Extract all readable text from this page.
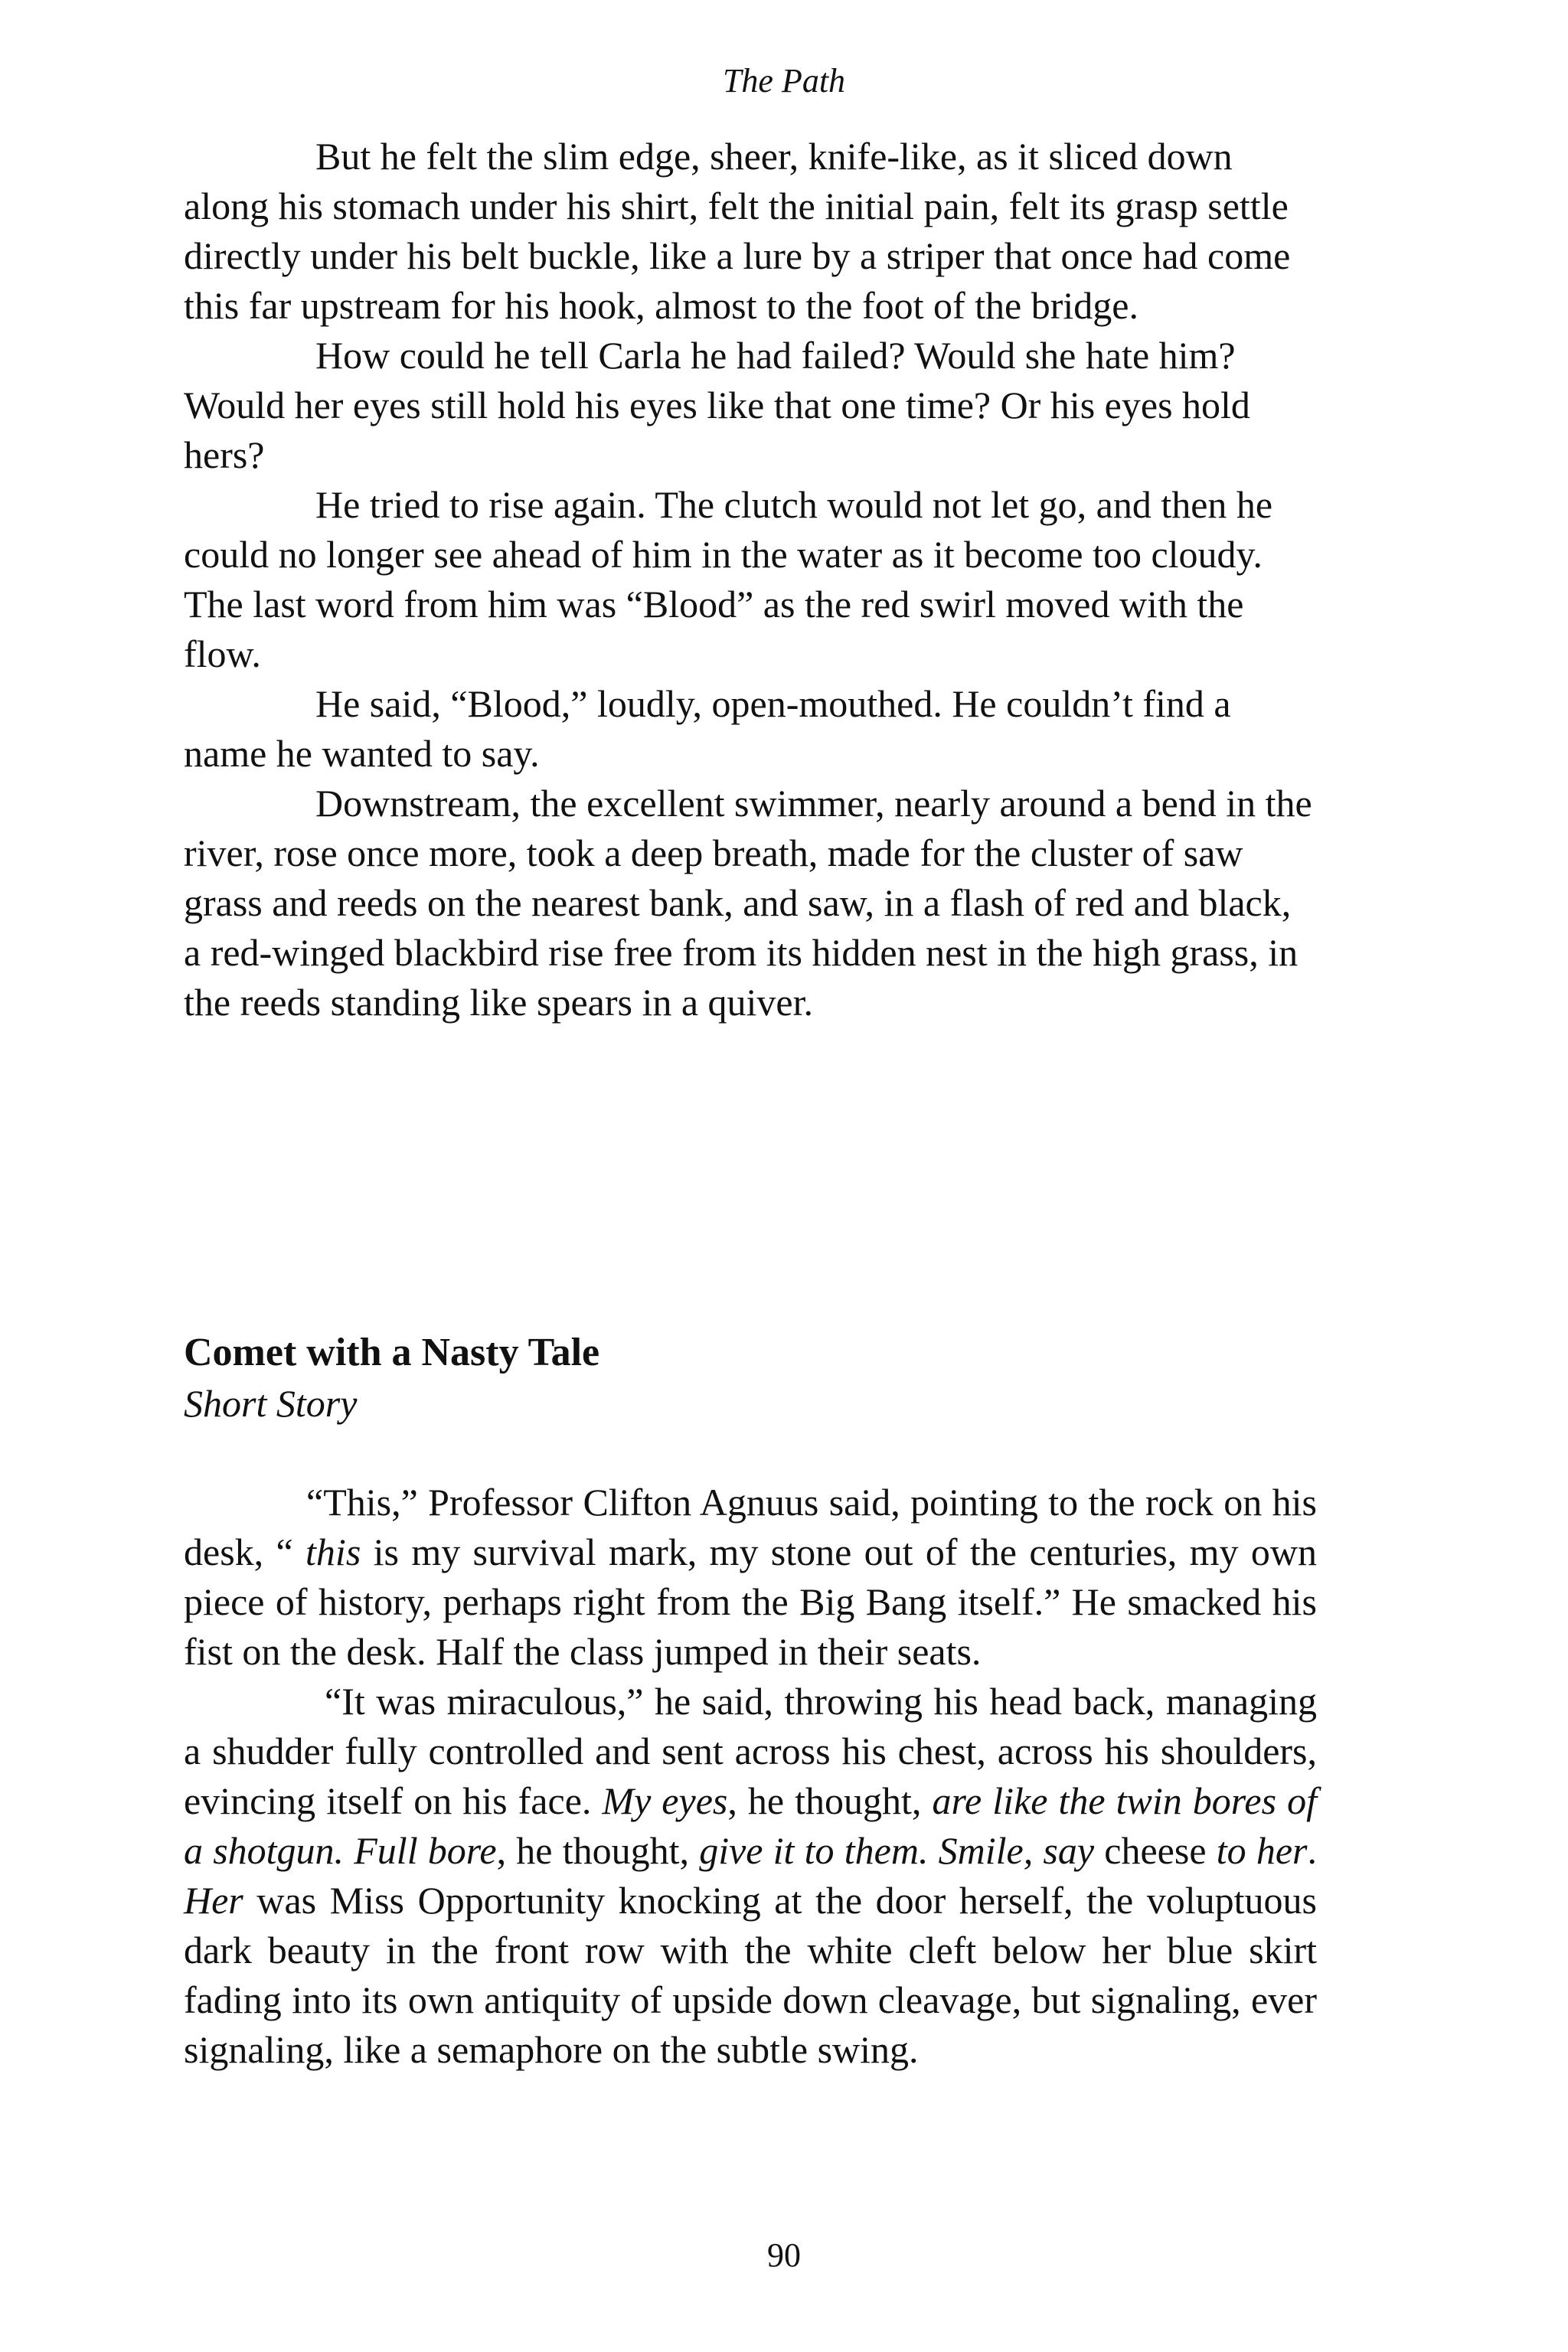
The Path

But he felt the slim edge, sheer, knife-like, as it sliced down along his stomach under his shirt, felt the initial pain, felt its grasp settle directly under his belt buckle, like a lure by a striper that once had come this far upstream for his hook, almost to the foot of the bridge.

How could he tell Carla he had failed? Would she hate him? Would her eyes still hold his eyes like that one time? Or his eyes hold hers?

He tried to rise again. The clutch would not let go, and then he could no longer see ahead of him in the water as it become too cloudy. The last word from him was “Blood” as the red swirl moved with the flow.

He said, “Blood,” loudly, open-mouthed. He couldn’t find a name he wanted to say.

Downstream, the excellent swimmer, nearly around a bend in the river, rose once more, took a deep breath, made for the cluster of saw grass and reeds on the nearest bank, and saw, in a flash of red and black, a red-winged blackbird rise free from its hidden nest in the high grass, in the reeds standing like spears in a quiver.

Comet with a Nasty Tale

Short Story

“This,” Professor Clifton Agnuus said, pointing to the rock on his desk, “ this is my survival mark, my stone out of the centuries, my own piece of history, perhaps right from the Big Bang itself.” He smacked his fist on the desk. Half the class jumped in their seats.

“It was miraculous,” he said, throwing his head back, managing a shudder fully controlled and sent across his chest, across his shoulders, evincing itself on his face. My eyes, he thought, are like the twin bores of a shotgun. Full bore, he thought, give it to them. Smile, say cheese to her. Her was Miss Opportunity knocking at the door herself, the voluptuous dark beauty in the front row with the white cleft below her blue skirt fading into its own antiquity of upside down cleavage, but signaling, ever signaling, like a semaphore on the subtle swing.

90
